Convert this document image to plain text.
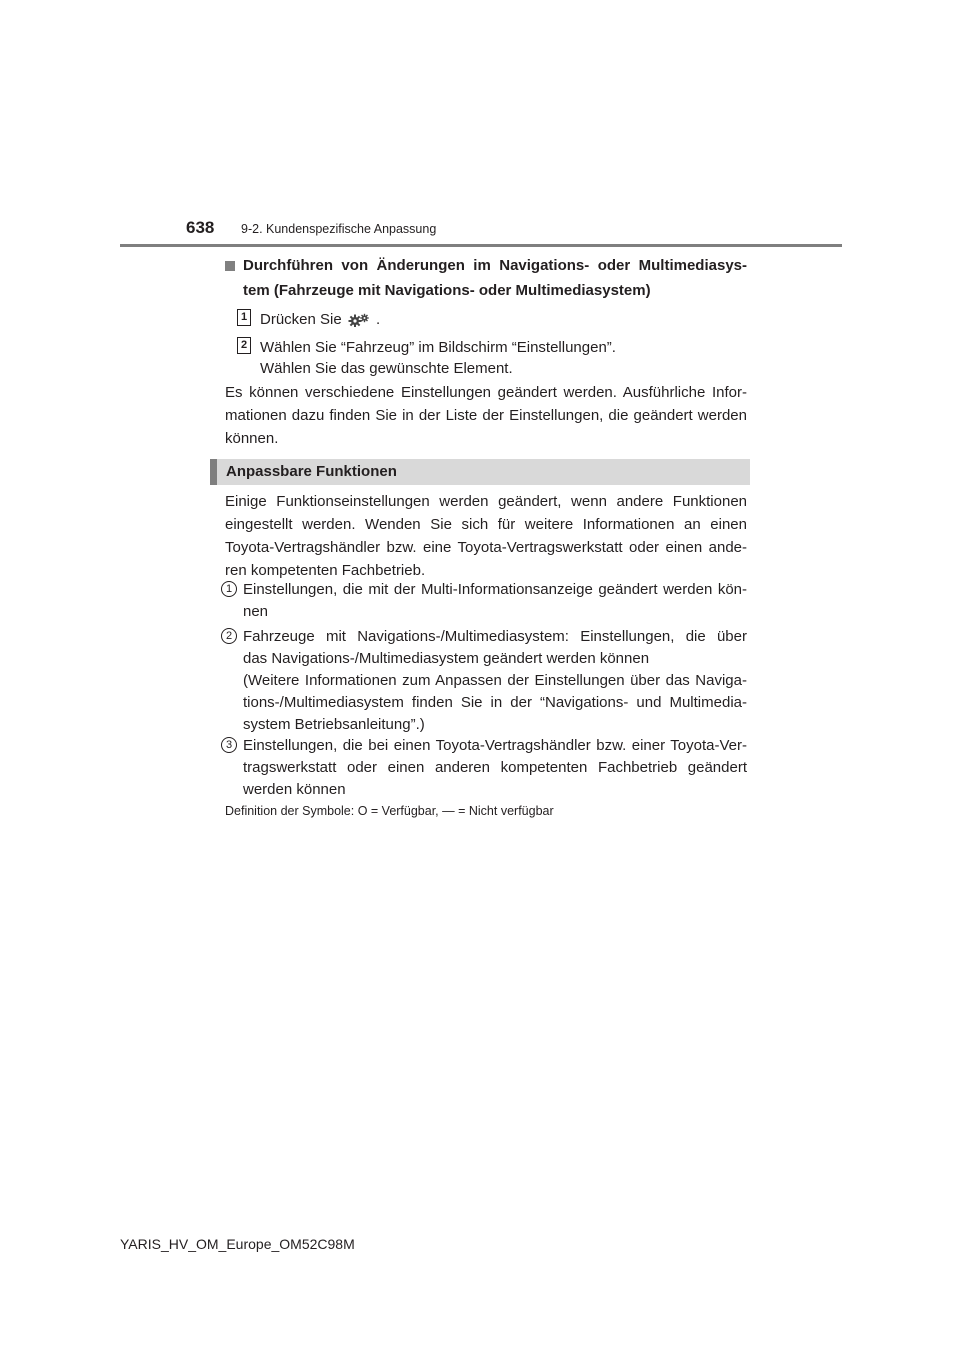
638 9-2. Kundenspezifische Anpassung
Durchführen von Änderungen im Navigations- oder Multimediasys-
tem (Fahrzeuge mit Navigations- oder Multimediasystem)
1 Drücken Sie .
2 Wählen Sie “Fahrzeug” im Bildschirm “Einstellungen”.
Wählen Sie das gewünschte Element.
Es können verschiedene Einstellungen geändert werden. Ausführliche Infor-
mationen dazu finden Sie in der Liste der Einstellungen, die geändert werden
können.
Anpassbare Funktionen
Einige Funktionseinstellungen werden geändert, wenn andere Funktionen
eingestellt werden. Wenden Sie sich für weitere Informationen an einen
Toyota-Vertragshändler bzw. eine Toyota-Vertragswerkstatt oder einen ande-
ren kompetenten Fachbetrieb.
1 Einstellungen, die mit der Multi-Informationsanzeige geändert werden kön-
nen
2 Fahrzeuge mit Navigations-/Multimediasystem: Einstellungen, die über
das Navigations-/Multimediasystem geändert werden können
(Weitere Informationen zum Anpassen der Einstellungen über das Naviga-
tions-/Multimediasystem finden Sie in der “Navigations- und Multimedia-
system Betriebsanleitung”.)
3 Einstellungen, die bei einen Toyota-Vertragshändler bzw. einer Toyota-Ver-
tragswerkstatt oder einen anderen kompetenten Fachbetrieb geändert
werden können
Definition der Symbole: O = Verfügbar, — = Nicht verfügbar
YARIS_HV_OM_Europe_OM52C98M
